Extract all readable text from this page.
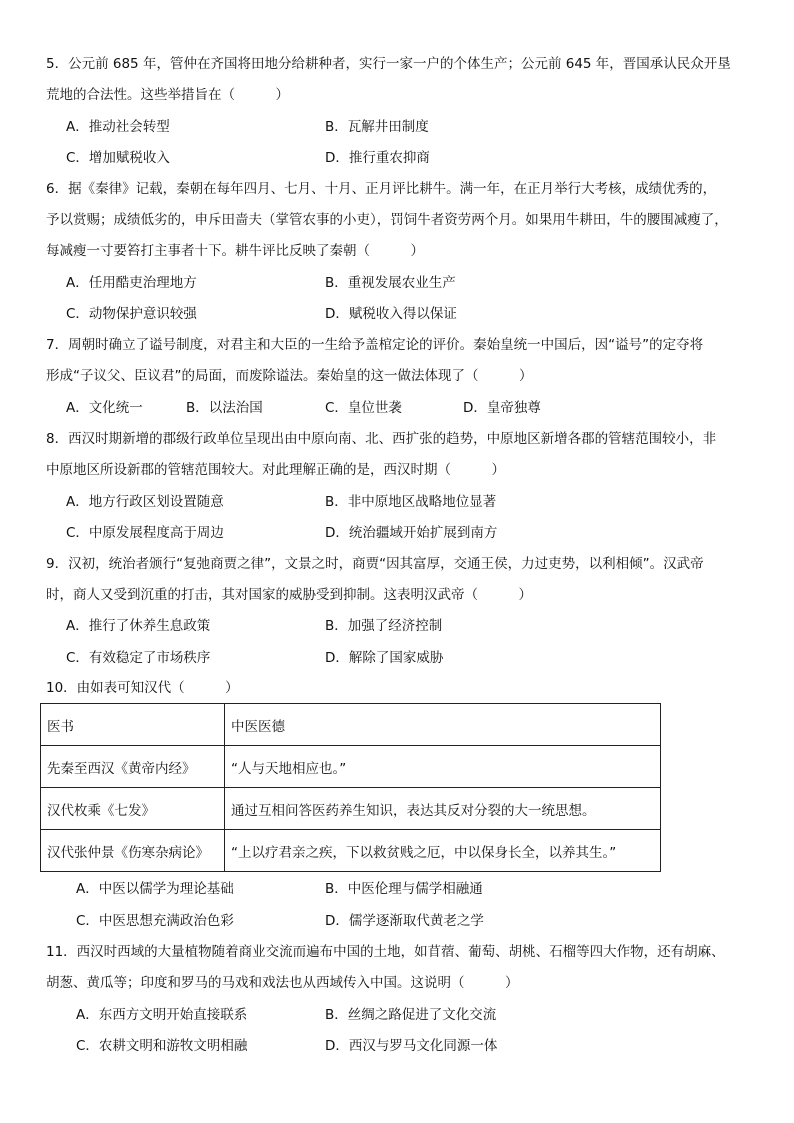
5．公元前 685 年，管仲在齐国将田地分给耕种者，实行一家一户的个体生产；公元前 645 年，晋国承认民众开垦
荒地的合法性。这些举措旨在（　　　）
A．推动社会转型	B．瓦解井田制度
C．增加赋税收入	D．推行重农抑商
6．据《秦律》记载，秦朝在每年四月、七月、十月、正月评比耕牛。满一年，在正月举行大考核，成绩优秀的，
予以赏赐；成绩低劣的，申斥田啬夫（掌管农事的小吏），罚饲牛者资劳两个月。如果用牛耕田，牛的腰围减瘦了，
每减瘦一寸要笞打主事者十下。耕牛评比反映了秦朝（　　　）
A．任用酷吏治理地方	B．重视发展农业生产
C．动物保护意识较强	D．赋税收入得以保证
7．周朝时确立了谥号制度，对君主和大臣的一生给予盖棺定论的评价。秦始皇统一中国后，因“谥号”的定夺将
形成“子议父、臣议君”的局面，而废除谥法。秦始皇的这一做法体现了（　　　）
A．文化统一	B．以法治国	C．皇位世袭	D．皇帝独尊
8．西汉时期新增的郡级行政单位呈现出由中原向南、北、西扩张的趋势，中原地区新增各郡的管辖范围较小，非
中原地区所设新郡的管辖范围较大。对此理解正确的是，西汉时期（　　　）
A．地方行政区划设置随意	B．非中原地区战略地位显著
C．中原发展程度高于周边	D．统治疆域开始扩展到南方
9．汉初，统治者颁行“复弛商贾之律”，文景之时，商贾“因其富厚，交通王侯，力过吏势，以利相倾”。汉武帝
时，商人又受到沉重的打击，其对国家的威胁受到抑制。这表明汉武帝（　　　）
A．推行了休养生息政策	B．加强了经济控制
C．有效稳定了市场秩序	D．解除了国家威胁
10．由如表可知汉代（　　　）
医书	中医医德
先秦至西汉《黄帝内经》	“人与天地相应也。”
汉代枚乘《七发》	通过互相问答医药养生知识，表达其反对分裂的大一统思想。
汉代张仲景《伤寒杂病论》	“上以疗君亲之疾，下以救贫贱之厄，中以保身长全，以养其生。”
A．中医以儒学为理论基础	B．中医伦理与儒学相融通
C．中医思想充满政治色彩	D．儒学逐渐取代黄老之学
11．西汉时西域的大量植物随着商业交流而遍布中国的土地，如苜蓿、葡萄、胡桃、石榴等四大作物，还有胡麻、
胡葱、黄瓜等；印度和罗马的马戏和戏法也从西域传入中国。这说明（　　　）
A．东西方文明开始直接联系	B．丝绸之路促进了文化交流
C．农耕文明和游牧文明相融	D．西汉与罗马文化同源一体
